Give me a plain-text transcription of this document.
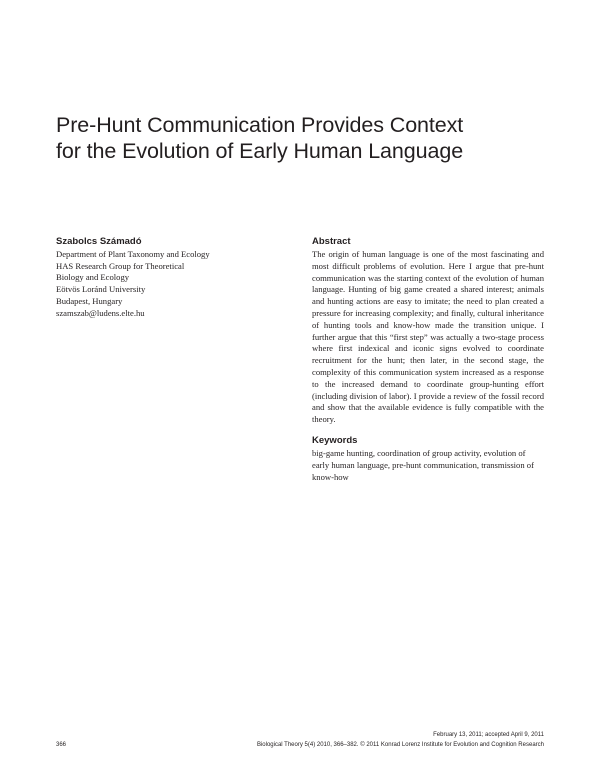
Pre-Hunt Communication Provides Context
for the Evolution of Early Human Language
Szabolcs Számadó
Department of Plant Taxonomy and Ecology
HAS Research Group for Theoretical
Biology and Ecology
Eötvös Loránd University
Budapest, Hungary
szamszab@ludens.elte.hu
Abstract

The origin of human language is one of the most fascinating and most difficult problems of evolution. Here I argue that pre-hunt communication was the starting context of the evolution of human language. Hunting of big game created a shared interest; animals and hunting actions are easy to imitate; the need to plan created a pressure for increasing complexity; and finally, cultural inheritance of hunting tools and know-how made the transition unique. I further argue that this “first step” was actually a two-stage process where first indexical and iconic signs evolved to coordinate recruitment for the hunt; then later, in the second stage, the complexity of this communication system increased as a response to the increased demand to coordinate group-hunting effort (including division of labor). I provide a review of the fossil record and show that the available evidence is fully compatible with the theory.

Keywords

big-game hunting, coordination of group activity, evolution of early human language, pre-hunt communication, transmission of know-how

February 13, 2011; accepted April 9, 2011
366	Biological Theory 5(4) 2010, 366–382. © 2011 Konrad Lorenz Institute for Evolution and Cognition Research
